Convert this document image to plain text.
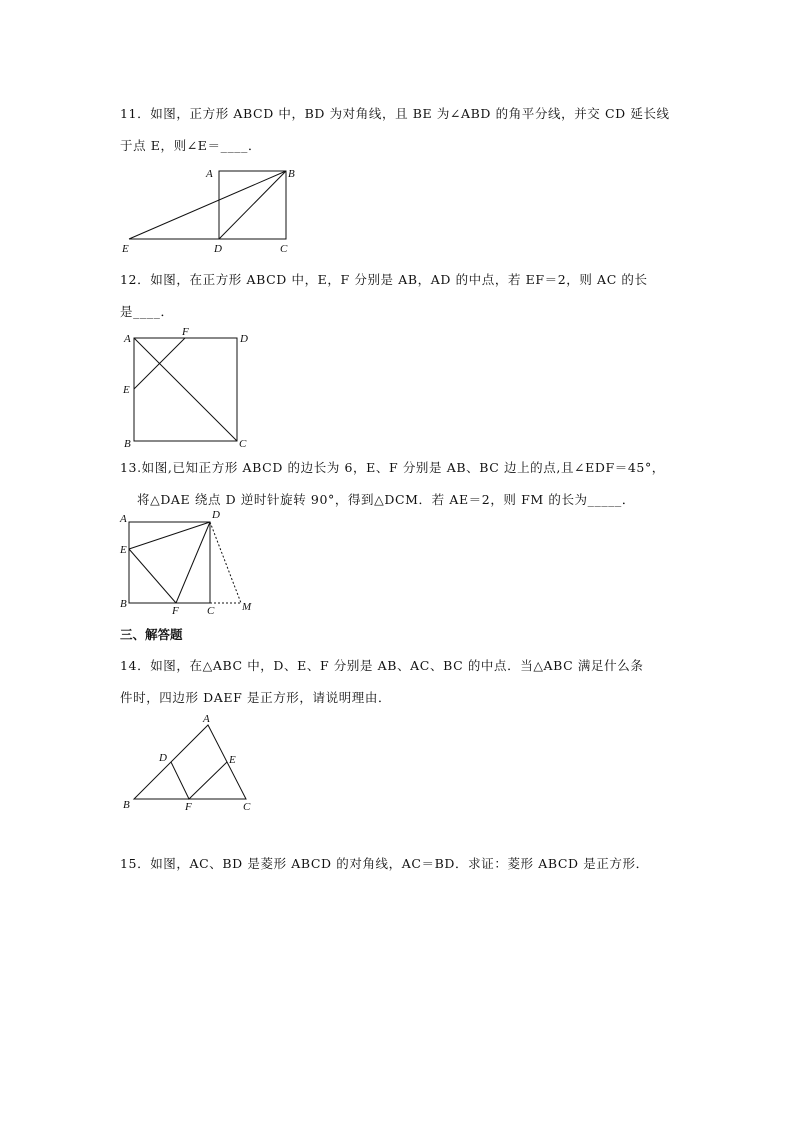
11．如图，正方形 ABCD 中，BD 为对角线，且 BE 为∠ABD 的角平分线，并交 CD 延长线
于点 E，则∠E＝____．
12．如图，在正方形 ABCD 中，E，F 分别是 AB，AD 的中点，若 EF＝2，则 AC 的长
是____．
13.如图,已知正方形 ABCD 的边长为 6，E、F 分别是 AB、BC 边上的点,且∠EDF＝45°，
将△DAE 绕点 D 逆时针旋转 90°，得到△DCM．若 AE＝2，则 FM 的长为_____．
三、解答题
14．如图，在△ABC 中，D、E、F 分别是 AB、AC、BC 的中点．当△ABC 满足什么条
件时，四边形 DAEF 是正方形，请说明理由．
15．如图，AC、BD 是菱形 ABCD 的对角线，AC＝BD．求证：菱形 ABCD 是正方形．
A	B
C
D
E
A
F
D
E
B	C
A	D
E
B
F	C	M
A
D	E
B	F	C
